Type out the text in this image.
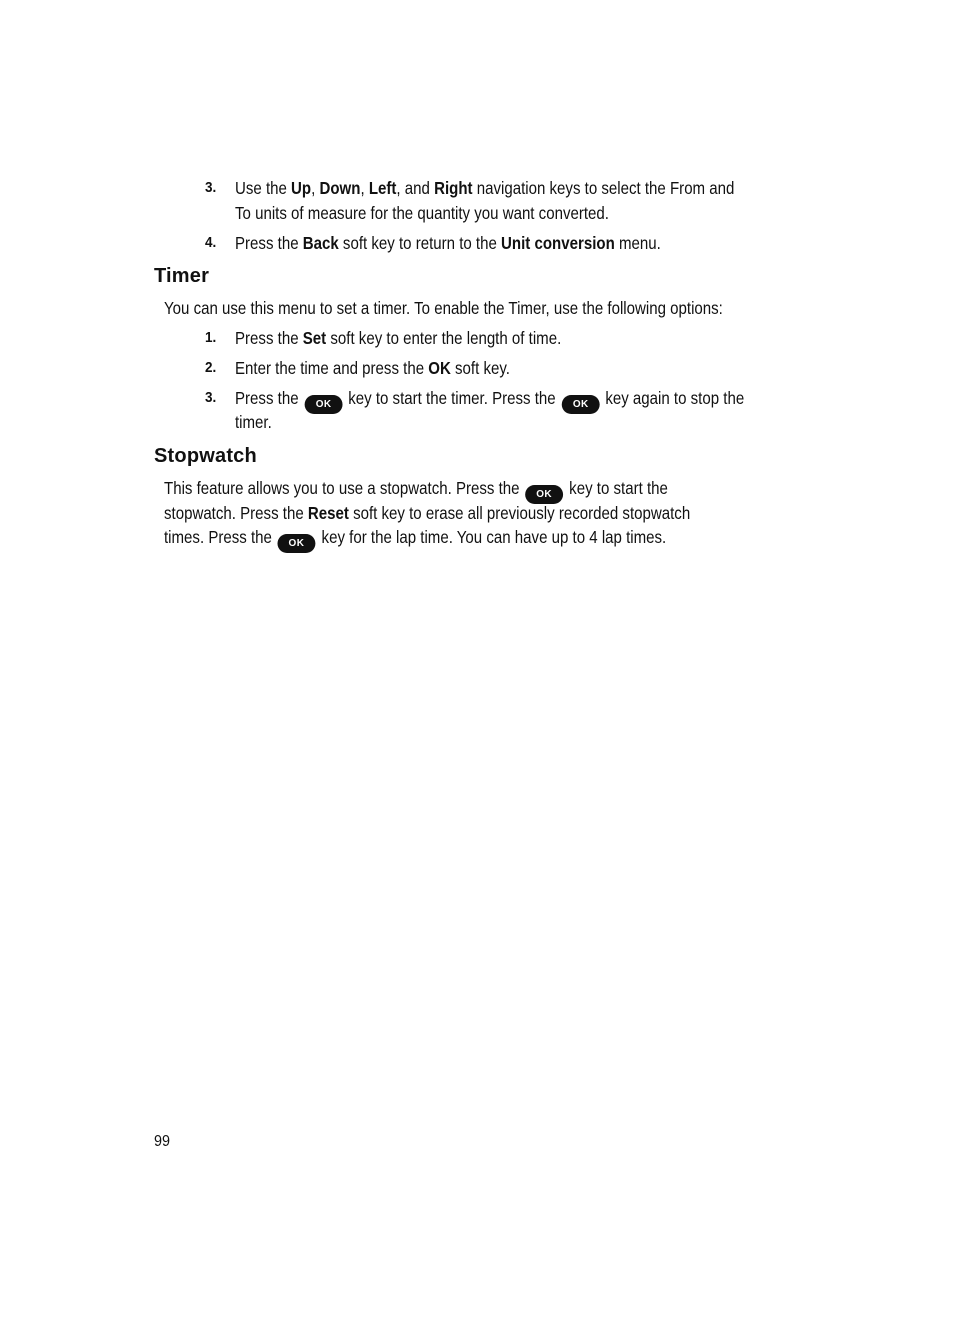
3. Use the Up, Down, Left, and Right navigation keys to select the From and
To units of measure for the quantity you want converted.
4. Press the Back soft key to return to the Unit conversion menu.
Timer
You can use this menu to set a timer. To enable the Timer, use the following options:
1. Press the Set soft key to enter the length of time.
2. Enter the time and press the OK soft key.
3. Press the OK key to start the timer. Press the OK key again to stop the
timer.
Stopwatch
This feature allows you to use a stopwatch. Press the OK key to start the
stopwatch. Press the Reset soft key to erase all previously recorded stopwatch
times. Press the OK key for the lap time. You can have up to 4 lap times.
99
